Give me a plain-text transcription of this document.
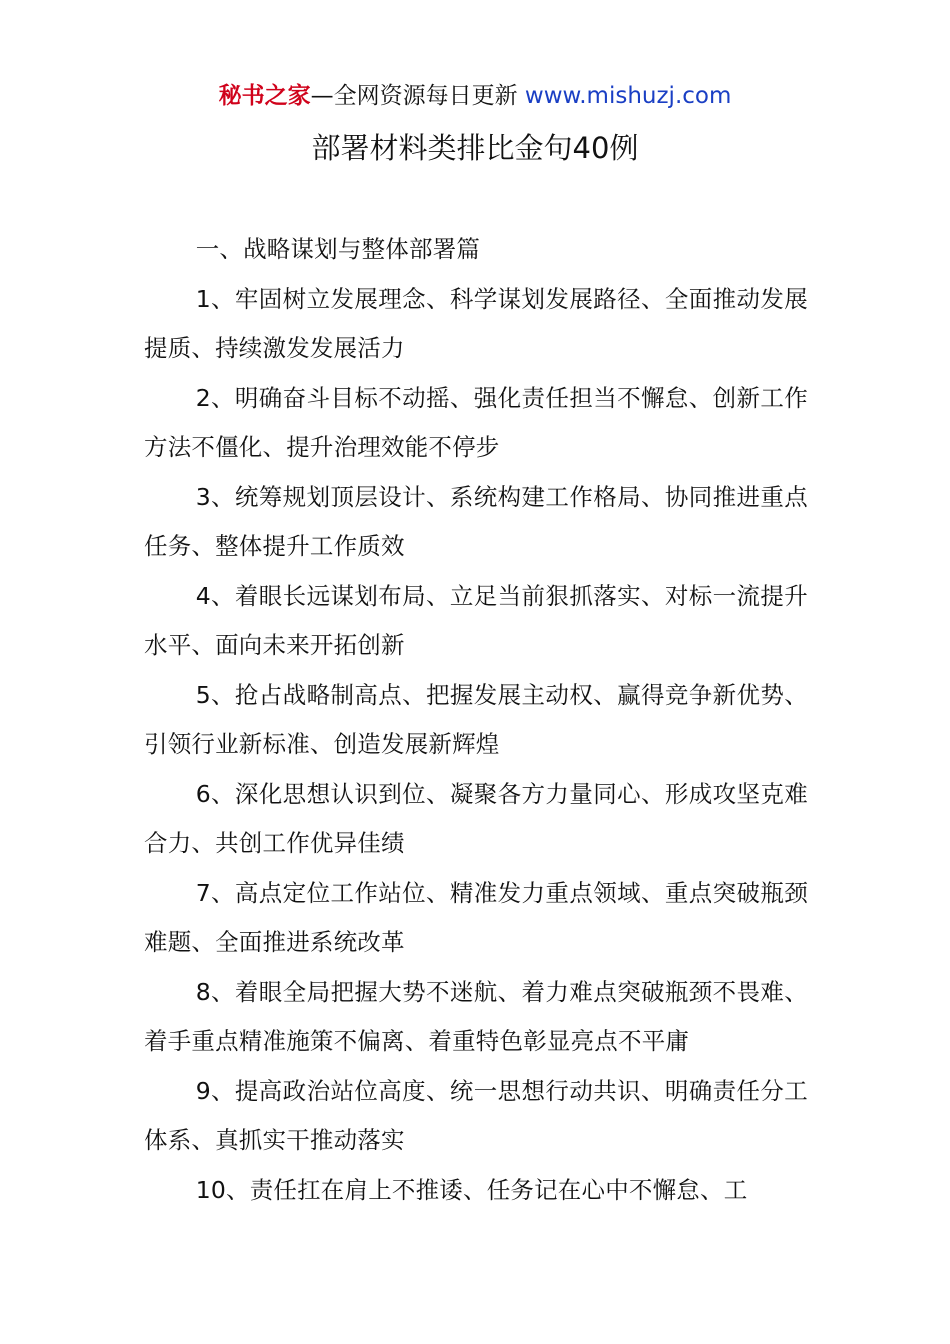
秘书之家—全网资源每日更新 www.mishuzj.com
部署材料类排比金句40例

一、战略谋划与整体部署篇

1、牢固树立发展理念、科学谋划发展路径、全面推动发展提质、持续激发发展活力

2、明确奋斗目标不动摇、强化责任担当不懈怠、创新工作方法不僵化、提升治理效能不停步

3、统筹规划顶层设计、系统构建工作格局、协同推进重点任务、整体提升工作质效

4、着眼长远谋划布局、立足当前狠抓落实、对标一流提升水平、面向未来开拓创新

5、抢占战略制高点、把握发展主动权、赢得竞争新优势、引领行业新标准、创造发展新辉煌

6、深化思想认识到位、凝聚各方力量同心、形成攻坚克难合力、共创工作优异佳绩

7、高点定位工作站位、精准发力重点领域、重点突破瓶颈难题、全面推进系统改革

8、着眼全局把握大势不迷航、着力难点突破瓶颈不畏难、着手重点精准施策不偏离、着重特色彰显亮点不平庸

9、提高政治站位高度、统一思想行动共识、明确责任分工体系、真抓实干推动落实

10、责任扛在肩上不推诿、任务记在心中不懈怠、工
